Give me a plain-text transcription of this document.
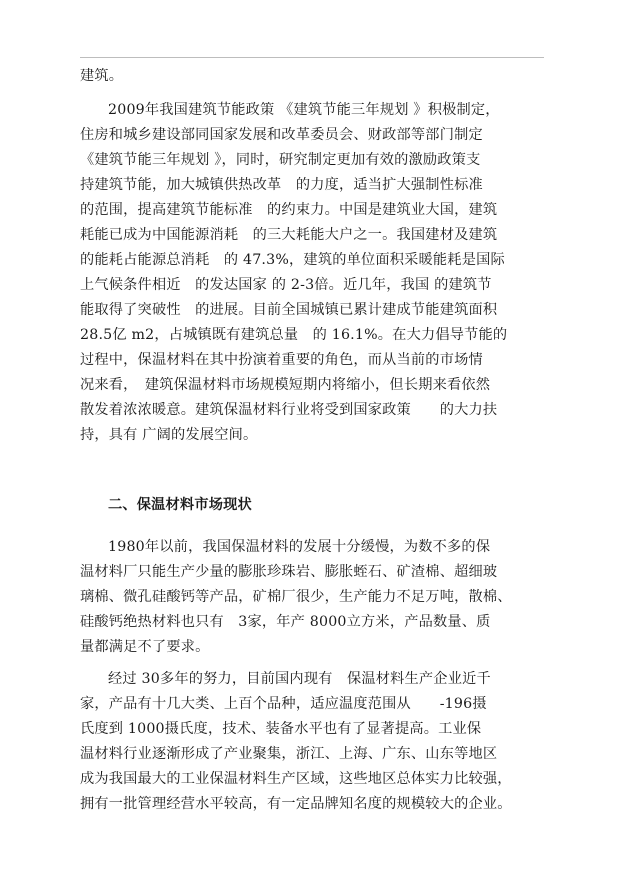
建筑。
2009年我国建筑节能政策 《建筑节能三年规划 》积极制定，
住房和城乡建设部同国家发展和改革委员会、财政部等部门制定
《建筑节能三年规划 》，同时，研究制定更加有效的激励政策支
持建筑节能，加大城镇供热改革　的力度，适当扩大强制性标准
的范围，提高建筑节能标准　的约束力。中国是建筑业大国，建筑
耗能已成为中国能源消耗　的三大耗能大户之一。我国建材及建筑
的能耗占能源总消耗　的 47.3%，建筑的单位面积采暖能耗是国际
上气候条件相近　的发达国家 的 2-3倍。近几年，我国 的建筑节
能取得了突破性　的进展。目前全国城镇已累计建成节能建筑面积
28.5亿 m2，占城镇既有建筑总量　的 16.1%。在大力倡导节能的
过程中，保温材料在其中扮演着重要的角色，而从当前的市场情
况来看，　建筑保温材料市场规模短期内将缩小，但长期来看依然
散发着浓浓暖意。建筑保温材料行业将受到国家政策　　的大力扶
持，具有 广阔的发展空间。
二、保温材料市场现状
1980年以前，我国保温材料的发展十分缓慢，为数不多的保
温材料厂只能生产少量的膨胀珍珠岩、膨胀蛭石、矿渣棉、超细玻
璃棉、微孔硅酸钙等产品，矿棉厂很少，生产能力不足万吨，散棉、
硅酸钙绝热材料也只有　3家，年产 8000立方米，产品数量、质
量都满足不了要求。
经过 30多年的努力，目前国内现有　保温材料生产企业近千
家，产品有十几大类、上百个品种，适应温度范围从　　-196摄
氏度到 1000摄氏度，技术、装备水平也有了显著提高。工业保
温材料行业逐渐形成了产业聚集，浙江、上海、广东、山东等地区
成为我国最大的工业保温材料生产区域，这些地区总体实力比较强，
拥有一批管理经营水平较高，有一定品牌知名度的规模较大的企业。
